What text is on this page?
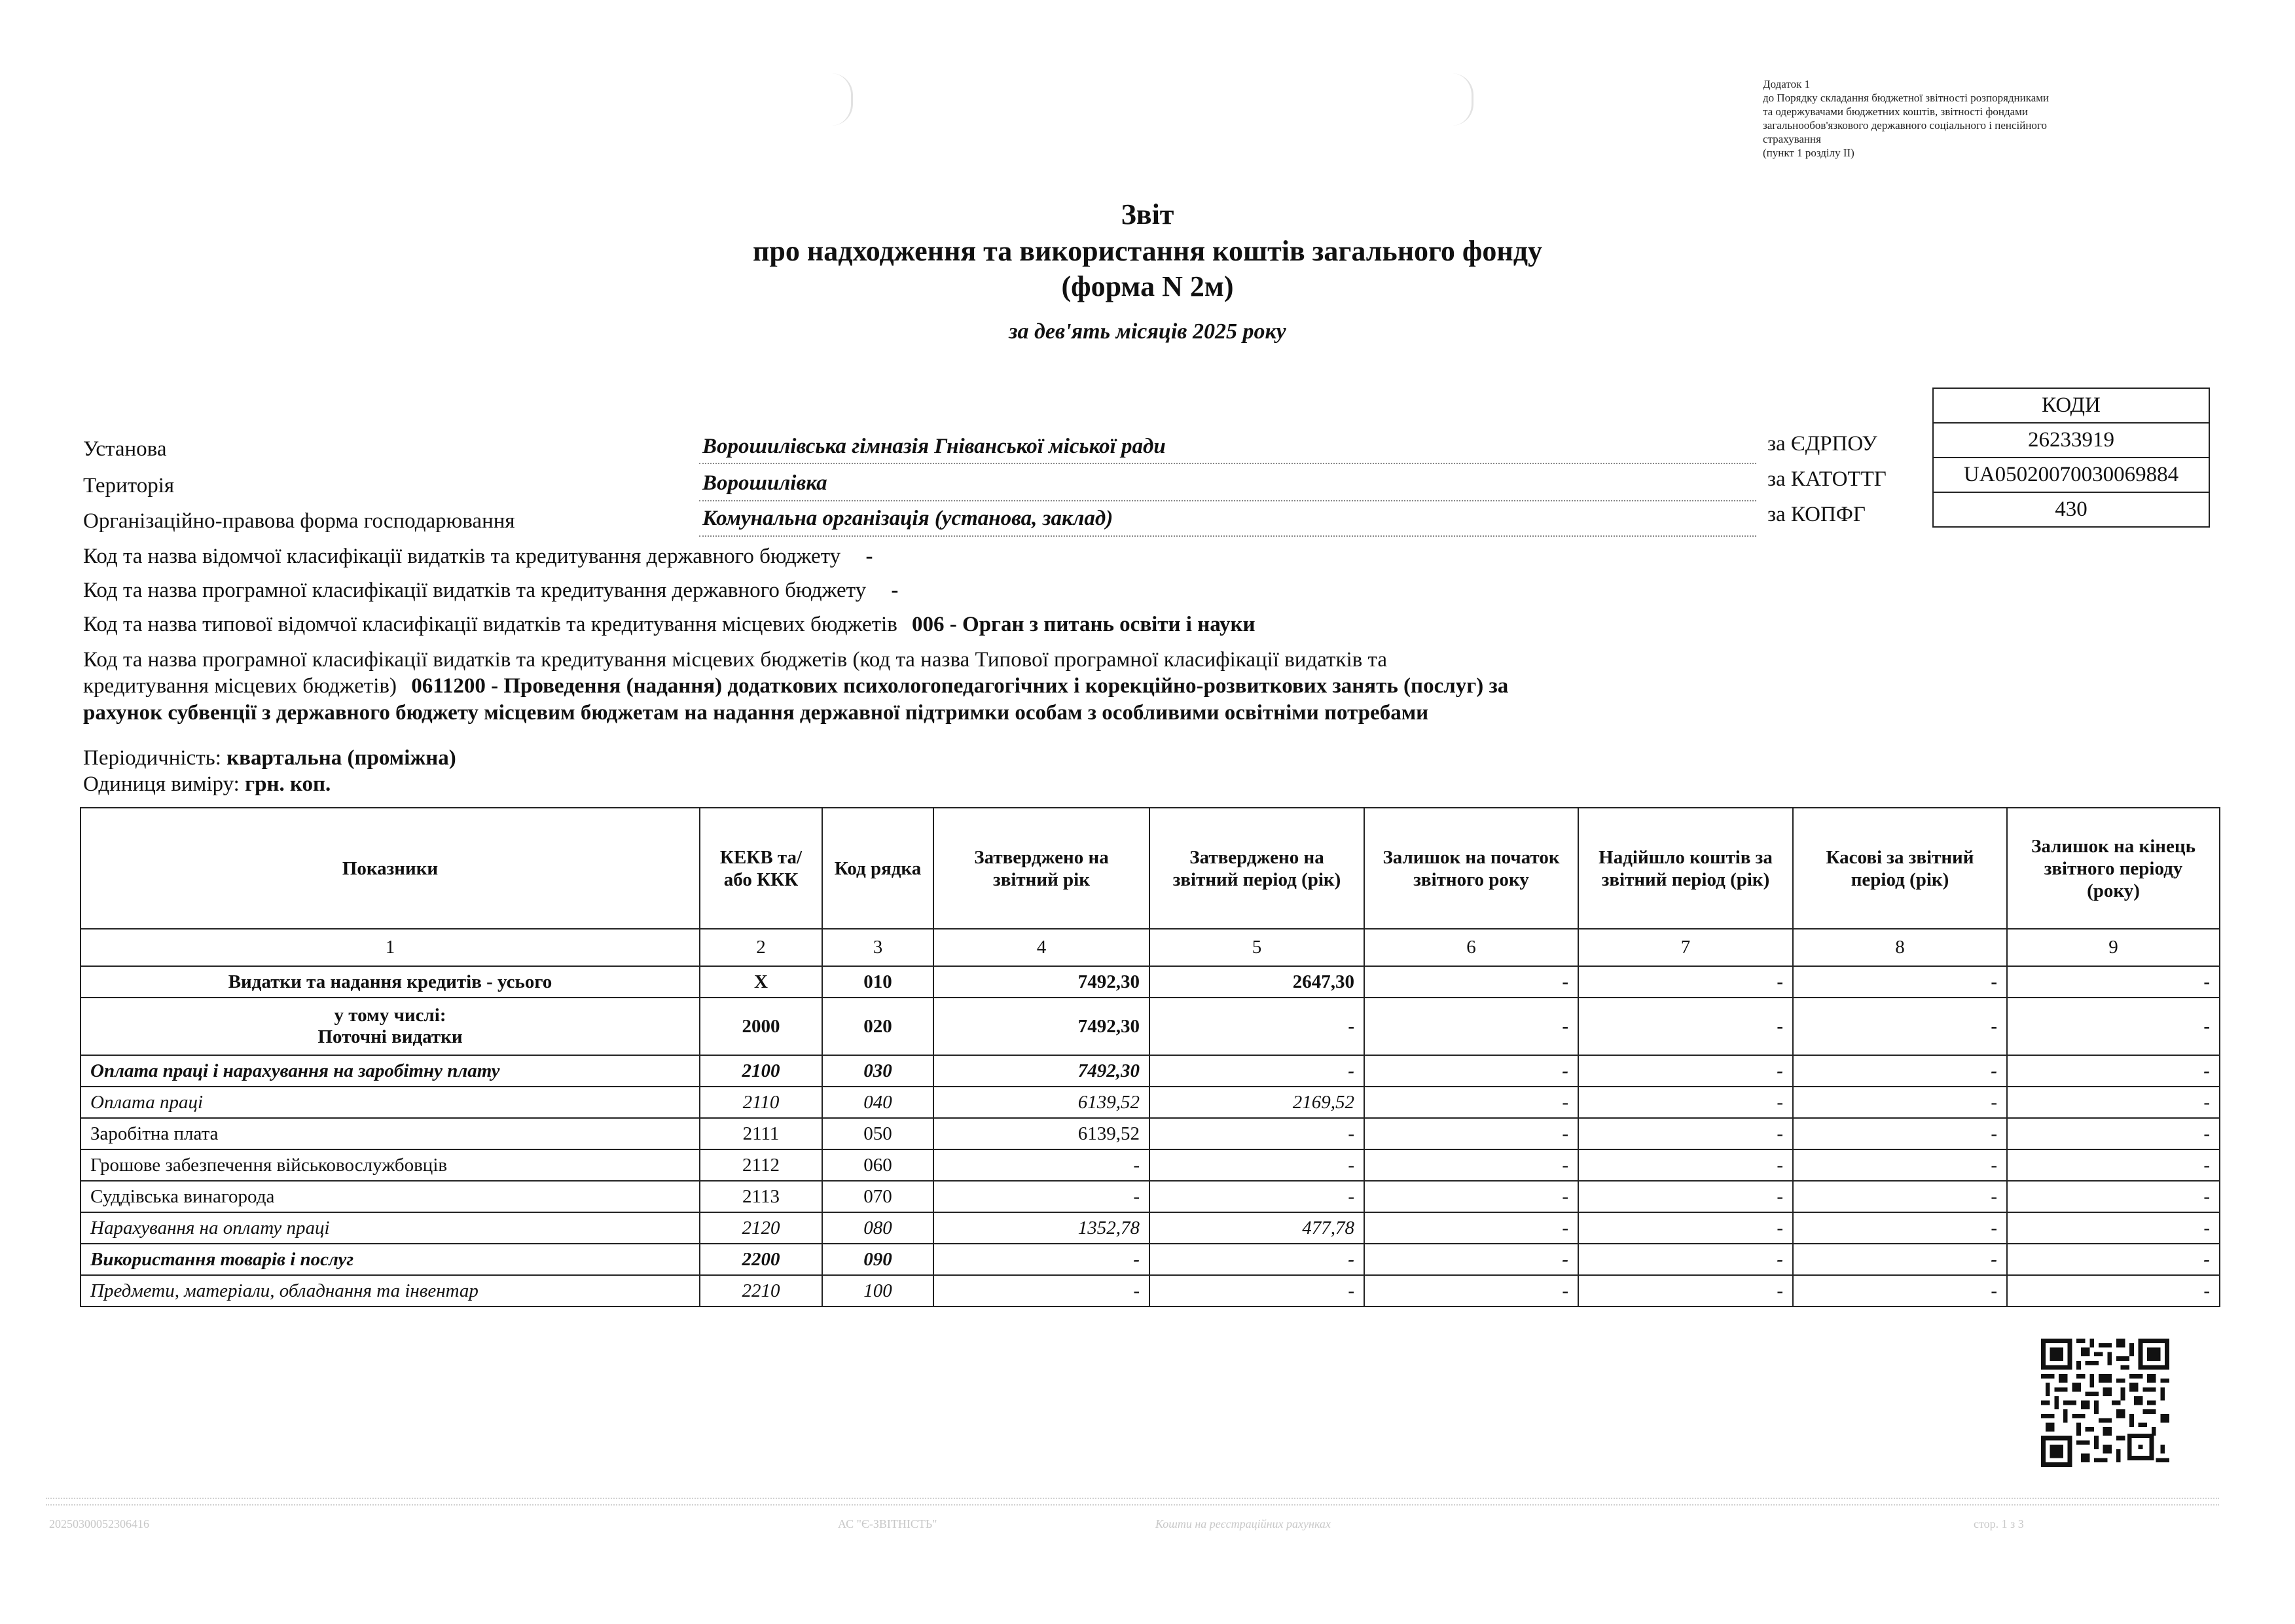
Додаток 1
до Порядку складання бюджетної звітності розпорядниками
та одержувачами бюджетних коштів, звітності фондами
загальнообов'язкового державного соціального і пенсійного
страхування
(пункт 1 розділу II)
Звіт
про надходження та використання коштів загального фонду
(форма N 2м)
за дев'ять місяців 2025 року
КОДИ
26233919
UA05020070030069884
430
за ЄДРПОУ
за КАТОТТГ
за КОПФГ
Установа	Ворошилівська гімназія Гніванської міської ради
Територія	Ворошилівка
Організаційно-правова форма господарювання	Комунальна організація (установа, заклад)
Код та назва відомчої класифікації видатків та кредитування державного бюджету -
Код та назва програмної класифікації видатків та кредитування державного бюджету -
Код та назва типової відомчої класифікації видатків та кредитування місцевих бюджетів 006 - Орган з питань освіти і науки
Код та назва програмної класифікації видатків та кредитування місцевих бюджетів (код та назва Типової програмної класифікації видатків та
кредитування місцевих бюджетів) 0611200 - Проведення (надання) додаткових психологопедагогічних і корекційно-розвиткових занять (послуг) за
рахунок субвенції з державного бюджету місцевим бюджетам на надання державної підтримки особам з особливими освітніми потребами
Періодичність: квартальна (проміжна)
Одиниця виміру: грн. коп.
Показники	КЕКВ та/або ККК	Код рядка	Затверджено на звітний рік	Затверджено на звітний період (рік)	Залишок на початок звітного року	Надійшло коштів за звітний період (рік)	Касові за звітний період (рік)	Залишок на кінець звітного періоду (року)
1	2	3	4	5	6	7	8	9
Видатки та надання кредитів - усього	X	010	7492,30	2647,30	-	-	-	-

у тому числі:
Поточні видатки	2000	020	7492,30	-	-	-	-	-
Оплата праці і нарахування на заробітну плату	2100	030	7492,30	-	-	-	-	-
Оплата праці	2110	040	6139,52	2169,52	-	-	-	-
Заробітна плата	2111	050	6139,52	-	-	-	-	-
Грошове забезпечення військовослужбовців	2112	060	-	-	-	-	-	-
Суддівська винагорода	2113	070	-	-	-	-	-	-
Нарахування на оплату праці	2120	080	1352,78	477,78	-	-	-	-
Використання товарів і послуг	2200	090	-	-	-	-	-	-
Предмети, матеріали, обладнання та інвентар	2210	100	-	-	-	-	-	-
20250300052306416	АС "Є-ЗВІТНІСТЬ"	Кошти на реєстраційних рахунках	стор. 1 з 3
